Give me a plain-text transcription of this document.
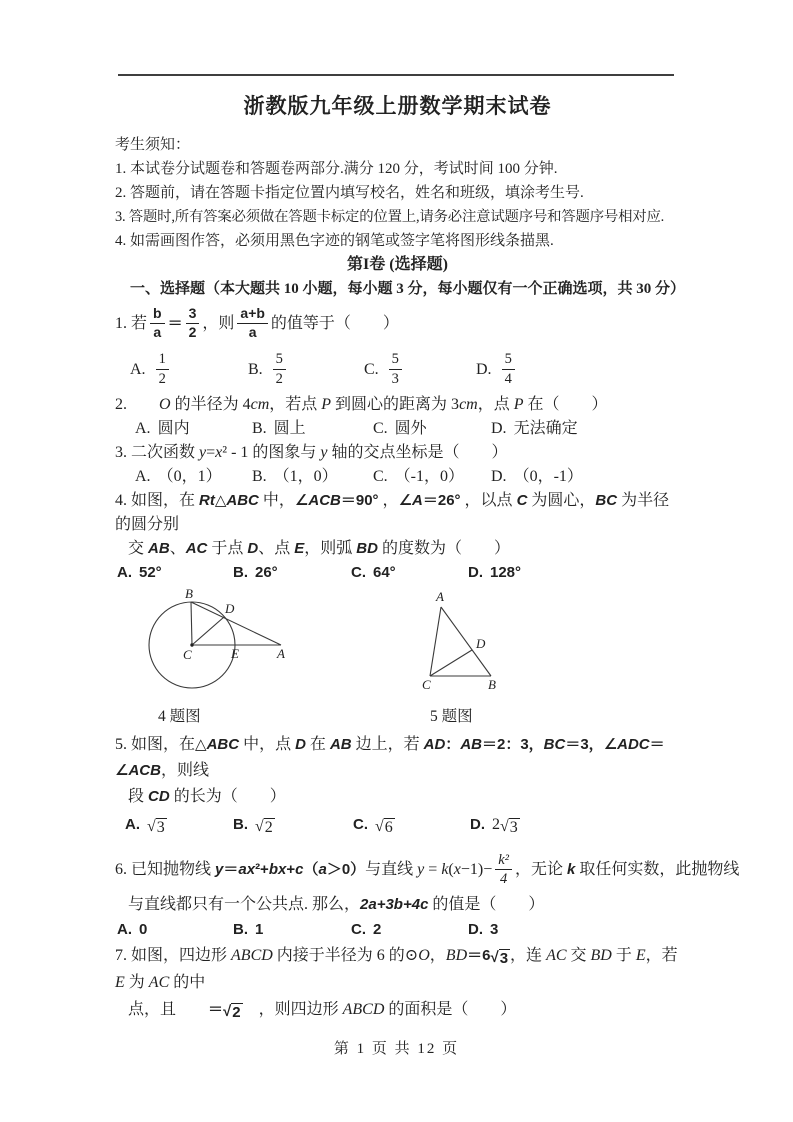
浙教版九年级上册数学期末试卷
考生须知：
1. 本试卷分试题卷和答题卷两部分.满分 120 分，考试时间 100 分钟.
2. 答题前，请在答题卡指定位置内填写校名，姓名和班级，填涂考生号.
3. 答题时,所有答案必须做在答题卡标定的位置上,请务必注意试题序号和答题序号相对应.
4. 如需画图作答，必须用黑色字迹的钢笔或签字笔将图形线条描黑.
第I卷 (选择题)
一、选择题（本大题共 10 小题，每小题 3 分，每小题仅有一个正确选项，共 30 分）
1. 若 $\frac{b}{a} = \frac{3}{2}$ ，则 $\frac{a+b}{a}$ 的值等于（　　）
A. $\frac{1}{2}$	B. $\frac{5}{2}$	C. $\frac{5}{3}$	D. $\frac{5}{4}$
2.　　O 的半径为 4cm，若点 P 到圆心的距离为 3cm，点 P 在（　　）
A. 圆内	B. 圆上	C. 圆外	D. 无法确定
3. 二次函数 y=x² - 1 的图象与 y 轴的交点坐标是（　　）
A. （0，1） B. （1，0） C. （-1，0） D. （0，-1）
4. 如图，在 Rt△ABC 中，∠ACB＝90° ，∠A＝26° ，以点 C 为圆心，BC 为半径的圆分别
交 AB、AC 于点 D、点 E，则弧 BD 的度数为（　　）
A. 52°	B. 26°	C. 64°	D. 128°
B
D
C	E	A
4 题图
A
D
C	B
5 题图
5. 如图，在△ABC 中，点 D 在 AB 边上，若 AD：AB＝2：3，BC＝3，∠ADC＝∠ACB，则线
段 CD 的长为（　　）
A. √ 3	B. √ 2	C. √ 6	D. 2 √ 3
6. 已知抛物线 y＝ax²+bx+c（a＞0）与直线 $y = k(x-1)- \frac{\text{k²}}{4}$ ，无论 k 取任何实数，此抛物线
与直线都只有一个公共点. 那么，2a+3b+4c 的值是（　　）
A. 0	B. 1	C. 2	D. 3
7. 如图，四边形 ABCD 内接于半径为 6 的⊙O，BD＝6 √ 3 ，连 AC 交 BD 于 E，若 E 为 AC 的中
点，且　　＝ √ 2 　，则四边形 ABCD 的面积是（　　）
第 1 页 共 12 页
